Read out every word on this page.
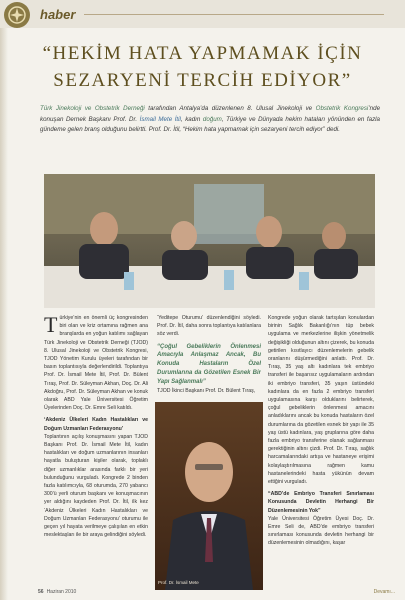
haber
“HEKİM HATA YAPMAMAK İÇİN
SEZARYENİ TERCİH EDİYOR”
Türk Jinekoloji ve Obstetrik Derneği tarafından Antalya’da düzenlenen 8. Ulusal Jinekoloji ve Obstetrik Kongresi’nde konuşan Dernek Başkanı Prof. Dr. İsmail Mete İtil, kadın doğum, Türkiye ve Dünyada hekim hataları yönünden en fazla gündeme gelen branş olduğunu belirtti. Prof. Dr. İtil, “Hekim hata yapmamak için sezaryeni tercih ediyor” dedi.
Türkiye’nin en önemli üç kongresinden biri olan ve kriz ortamına rağmen ana branşlarda en yoğun katılımı sağlayan Türk Jinekoloji ve Obstetrik Derneği (TJOD) 8. Ulusal Jinekoloji ve Obstetrik Kongresi, TJOD Yönetim Kurulu üyeleri tarafından bir basın toplantısıyla değerlendirildi. Toplantıya Prof. Dr. İsmail Mete İtil, Prof. Dr. Bülent Tıraş, Prof. Dr. Süleyman Akhan, Doç. Dr. Ali Akdoğru, Prof. Dr. Süleyman Akhan ve konuk olarak ABD Yale Üniversitesi Öğretim Üyelerinden Doç. Dr. Emre Seli katıldı.
‘Akdeniz Ülkeleri Kadın Hastalıkları ve Doğum Uzmanları Federasyonu’
Toplantının açılış konuşmasını yapan TJOD Başkanı Prof. Dr. İsmail Mete İtil, kadın hastalıkları ve doğum uzmanlarının insanları hayatla buluşturan kişiler olarak, toplaklı diğer uzmanlıklar arasında farklı bir yeri bulunduğunu vurguladı. Kongrede 2 binden fazla katılımcıyla, 68 oturumda, 270 yabancı 300’ü yerli oturum başkanı ve konuşmacının yer aldığını kaydeden Prof. Dr. İtil, ilk kez ‘Akdeniz Ülkeleri Kadın Hastalıkları ve Doğum Uzmanları Federasyonu’ oturumu ile geçen yıl hayata verilmeye çalışılan en etkin meslektaşları ile bir araya gelindiğini söyledi.
‘Yeditepe Oturumu’ düzenlendiğini söyledi. Prof. Dr. İtil, daha sonra toplantıya katılanlara söz verdi.
“Çoğul Gebeliklerin Önlenmesi Amacıyla Anlaşmaz Ancak, Bu Konuda Hastaların Özel Durumlarına da Gözetilen Esnek Bir Yapı Sağlanmalı”
TJOD İkinci Başkanı Prof. Dr. Bülent Tıraş,
Prof. Dr. İsmail Mete
Kongrede yoğun olarak tartışılan konulardan birinin Sağlık Bakanlığı’nın tüp bebek uygulama ve merkezlerine ilişkin yönetmelik değişikliği olduğunun altını çizerek, bu konuda getirilen kısıtlayıcı düzenlemelerin gebelik oranlarını düşürmediğini anlattı. Prof. Dr. Tıraş, 35 yaş altı kadınlara tek embriyo transferi ile başarısız uygulamaların ardından iki embriyo transferi, 35 yaşın üstündeki kadınlara da en fazla 2 embriyo transferi uygulamasına karşı olduklarını belirterek, çoğul gebeliklerin önlenmesi amacını anladıklarını ancak bu konuda hastaların özel durumlarına da gözetilen esnek bir yapı ile 35 yaş üstü kadınlara, yaş gruplarına göre daha fazla embriyo transferine olanak sağlanması gerektiğinin altını çizdi. Prof. Dr. Tıraş, sağlık harcamalarındaki artışa ve hastaneye erişimi kolaylaştırılmasına rağmen kamu hastanelerindeki hasta yükünün devam ettiğini vurguladı.
“ABD’de Embriyo Transferi Sınırlaması Konusunda Devletin Herhangi Bir Düzenlemesinin Yok”
Yale Üniversitesi Öğretim Üyesi Doç. Dr. Emre Seli de, ABD’de embriyo transferi sınırlaması konusunda devletin herhangi bir düzenlemesinin olmadığını, kaşar
56 Haziran 2010	Devamı...
